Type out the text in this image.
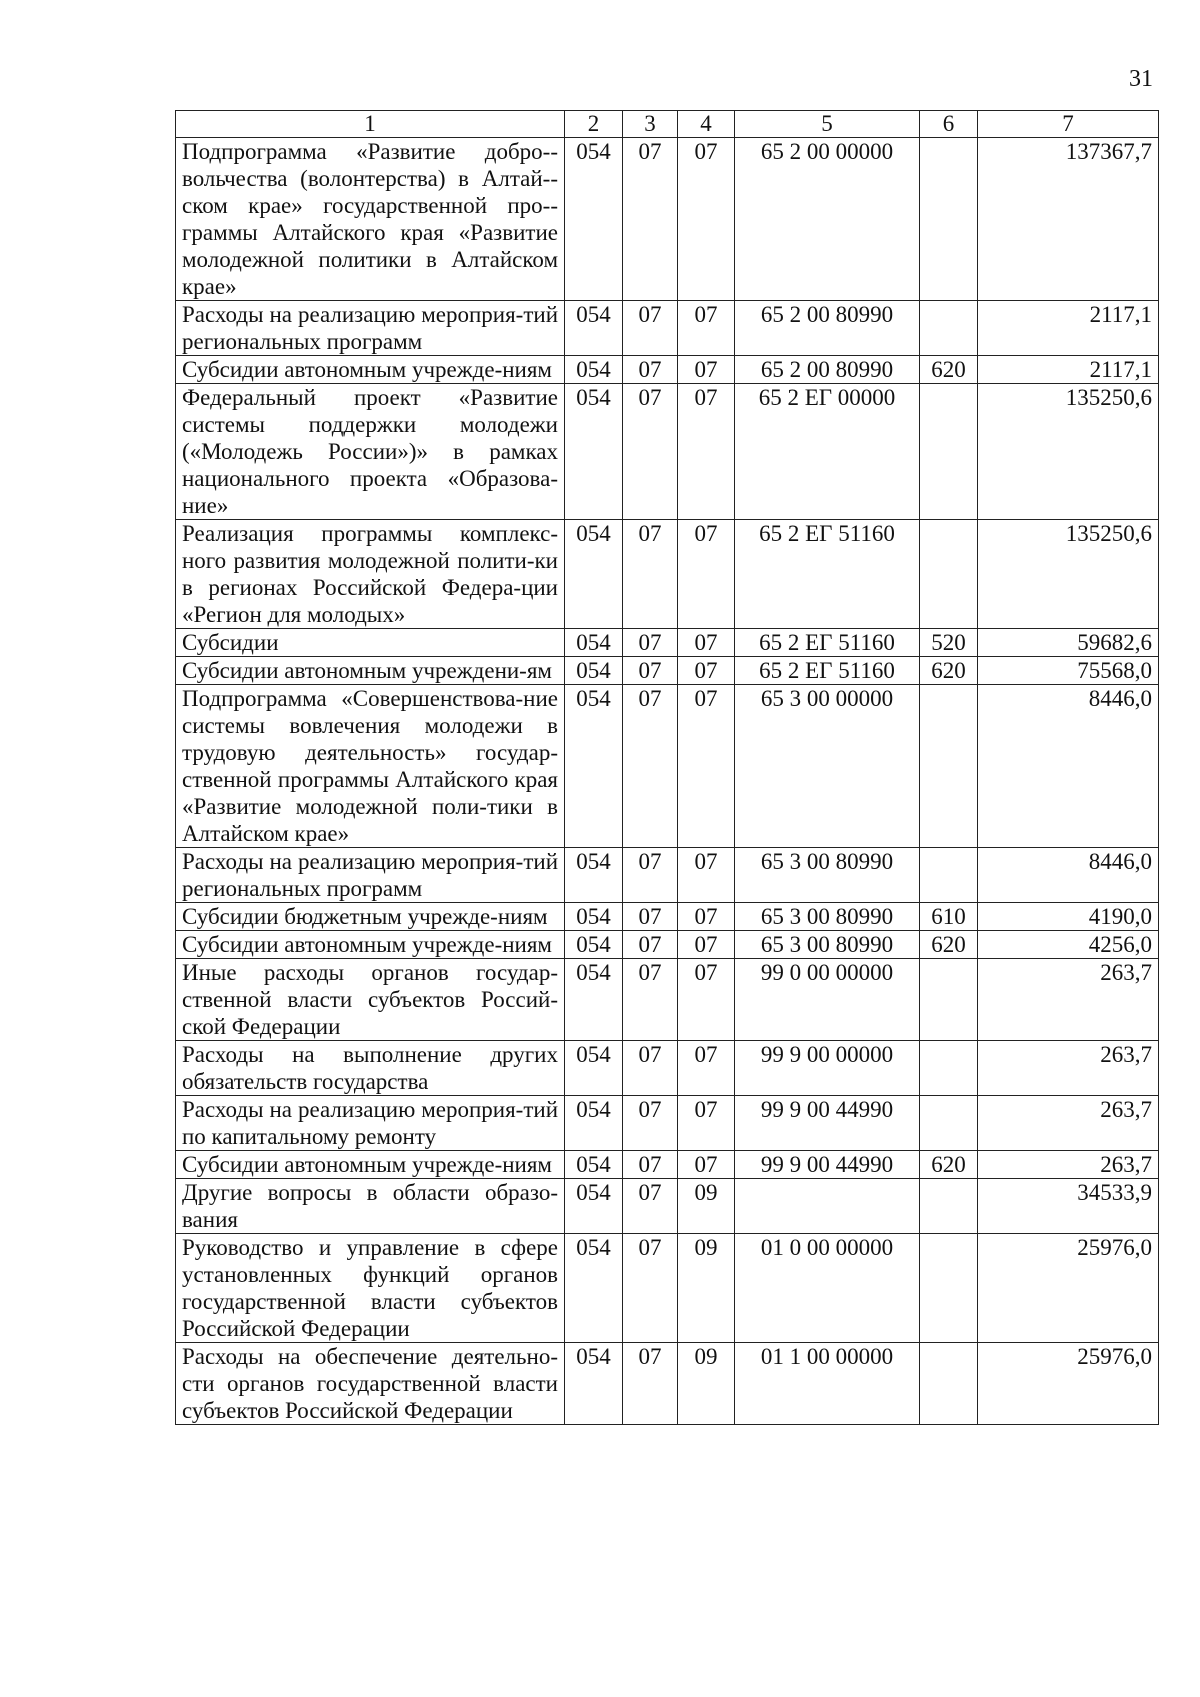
31
1	2	3	4	5	6	7
Подпрограмма «Развитие добро-вольчества (волонтерства) в Алтай-ском крае» государственной про-граммы Алтайского края «Развитие молодежной политики в Алтайском крае»	054	07	07	65 2 00 00000		137367,7
Расходы на реализацию мероприя-тий региональных программ	054	07	07	65 2 00 80990		2117,1
Субсидии автономным учрежде-ниям	054	07	07	65 2 00 80990	620	2117,1
Федеральный проект «Развитие системы поддержки молодежи («Молодежь России»)» в рамках национального проекта «Образова-ние»	054	07	07	65 2 ЕГ 00000		135250,6
Реализация программы комплекс-ного развития молодежной полити-ки в регионах Российской Федера-ции «Регион для молодых»	054	07	07	65 2 ЕГ 51160		135250,6
Субсидии	054	07	07	65 2 ЕГ 51160	520	59682,6
Субсидии автономным учреждени-ям	054	07	07	65 2 ЕГ 51160	620	75568,0
Подпрограмма «Совершенствова-ние системы вовлечения молодежи в трудовую деятельность» государ-ственной программы Алтайского края «Развитие молодежной поли-тики в Алтайском крае»	054	07	07	65 3 00 00000		8446,0
Расходы на реализацию мероприя-тий региональных программ	054	07	07	65 3 00 80990		8446,0
Субсидии бюджетным учрежде-ниям	054	07	07	65 3 00 80990	610	4190,0
Субсидии автономным учрежде-ниям	054	07	07	65 3 00 80990	620	4256,0
Иные расходы органов государ-ственной власти субъектов Россий-ской Федерации	054	07	07	99 0 00 00000		263,7
Расходы на выполнение других обязательств государства	054	07	07	99 9 00 00000		263,7
Расходы на реализацию мероприя-тий по капитальному ремонту	054	07	07	99 9 00 44990		263,7
Субсидии автономным учрежде-ниям	054	07	07	99 9 00 44990	620	263,7
Другие вопросы в области образо-вания	054	07	09			34533,9
Руководство и управление в сфере установленных функций органов государственной власти субъектов Российской Федерации	054	07	09	01 0 00 00000		25976,0
Расходы на обеспечение деятельно-сти органов государственной власти субъектов Российской Федерации	054	07	09	01 1 00 00000		25976,0
